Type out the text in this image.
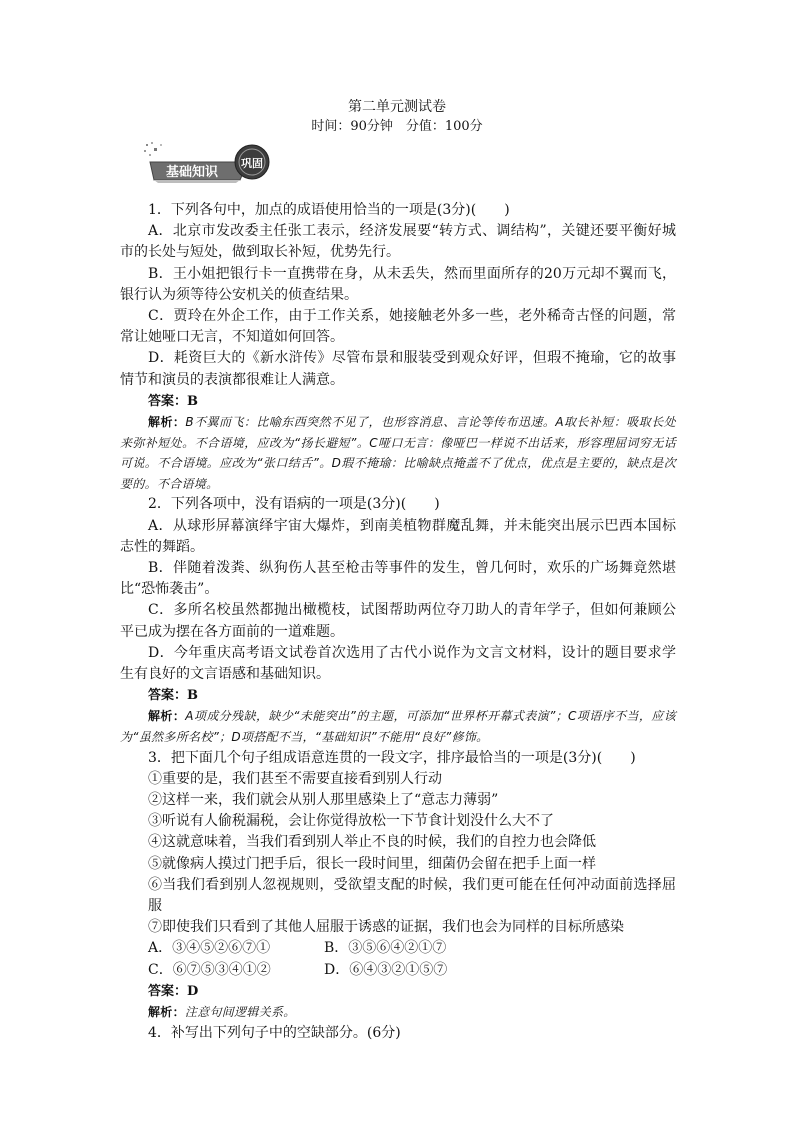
第二单元测试卷
时间：90分钟　分值：100分
基础知识
巩固

1．下列各句中，加点的成语使用恰当的一项是(3分)(　　)

A．北京市发改委主任张工表示，经济发展要“转方式、调结构”，关键还要平衡好城市的长处与短处，做到取长补短，优势先行。

B．王小姐把银行卡一直携带在身，从未丢失，然而里面所存的20万元却不翼而飞，银行认为须等待公安机关的侦查结果。

C．贾玲在外企工作，由于工作关系，她接触老外多一些，老外稀奇古怪的问题，常常让她哑口无言，不知道如何回答。

D．耗资巨大的《新水浒传》尽管布景和服装受到观众好评，但瑕不掩瑜，它的故事情节和演员的表演都很难让人满意。

答案：B

解析：B不翼而飞：比喻东西突然不见了，也形容消息、言论等传布迅速。A取长补短：吸取长处来弥补短处。不合语境，应改为“扬长避短”。C哑口无言：像哑巴一样说不出话来，形容理屈词穷无话可说。不合语境。应改为“张口结舌”。D瑕不掩瑜：比喻缺点掩盖不了优点，优点是主要的，缺点是次要的。不合语境。

2．下列各项中，没有语病的一项是(3分)(　　)

A．从球形屏幕演绎宇宙大爆炸，到南美植物群魔乱舞，并未能突出展示巴西本国标志性的舞蹈。

B．伴随着泼粪、纵狗伤人甚至枪击等事件的发生，曾几何时，欢乐的广场舞竟然堪比“恐怖袭击”。

C．多所名校虽然都抛出橄榄枝，试图帮助两位夺刀助人的青年学子，但如何兼顾公平已成为摆在各方面前的一道难题。

D．今年重庆高考语文试卷首次选用了古代小说作为文言文材料，设计的题目要求学生有良好的文言语感和基础知识。

答案：B

解析：A项成分残缺，缺少“未能突出”的主题，可添加“世界杯开幕式表演”；C项语序不当，应该为“虽然多所名校”；D项搭配不当，“基础知识”不能用“良好”修饰。

3．把下面几个句子组成语意连贯的一段文字，排序最恰当的一项是(3分)(　　)

①重要的是，我们甚至不需要直接看到别人行动

②这样一来，我们就会从别人那里感染上了“意志力薄弱”

③听说有人偷税漏税，会让你觉得放松一下节食计划没什么大不了

④这就意味着，当我们看到别人举止不良的时候，我们的自控力也会降低

⑤就像病人摸过门把手后，很长一段时间里，细菌仍会留在把手上面一样

⑥当我们看到别人忽视规则，受欲望支配的时候，我们更可能在任何冲动面前选择屈服

⑦即使我们只看到了其他人屈服于诱惑的证据，我们也会为同样的目标所感染

A．③④⑤②⑥⑦①	B．③⑤⑥④②①⑦

C．⑥⑦⑤③④①②	D．⑥④③②①⑤⑦

答案：D

解析：注意句间逻辑关系。

4．补写出下列句子中的空缺部分。(6分)
